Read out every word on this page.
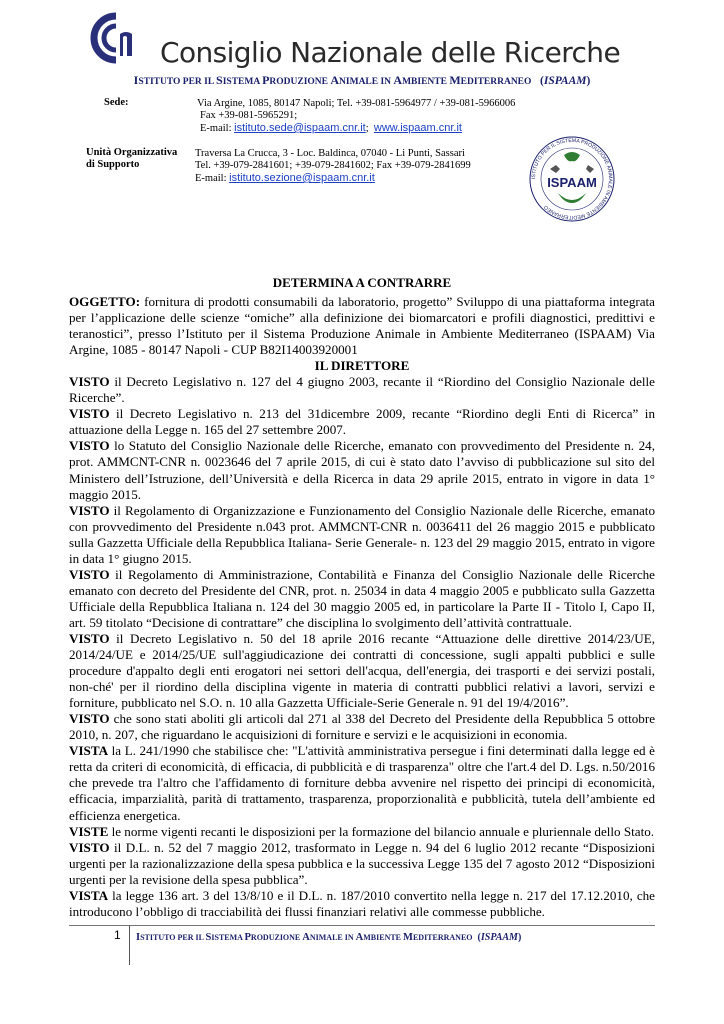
Consiglio Nazionale delle Ricerche
ISTITUTO PER IL SISTEMA PRODUZIONE ANIMALE IN AMBIENTE MEDITERRANEO   (ISPAAM)
Sede:	Via Argine, 1085, 80147 Napoli; Tel. +39-081-5964977 / +39-081-5966006
Fax +39-081-5965291;
E-mail: istituto.sede@ispaam.cnr.it; www.ispaam.cnr.it
Unità Organizzativa
di Supporto
Traversa La Crucca, 3 - Loc. Baldinca, 07040 - Li Punti, Sassari
Tel. +39-079-2841601; +39-079-2841602; Fax +39-079-2841699
E-mail: istituto.sezione@ispaam.cnr.it	ISPAAM
ISTITUTO PER IL SISTEMA PRODUZIONE ANIMALE IN AMBIENTE MEDITERRANEO
DETERMINA A CONTRARRE

OGGETTO: fornitura di prodotti consumabili da laboratorio, progetto” Sviluppo di una piattaforma integrata per l’applicazione delle scienze “omiche” alla definizione dei biomarcatori e profili diagnostici, predittivi e teranostici”, presso l’Istituto per il Sistema Produzione Animale in Ambiente Mediterraneo (ISPAAM) Via Argine, 1085 - 80147 Napoli - CUP B82I14003920001

IL DIRETTORE

VISTO il Decreto Legislativo n. 127 del 4 giugno 2003, recante il “Riordino del Consiglio Nazionale delle Ricerche”.

VISTO il Decreto Legislativo n. 213 del 31dicembre 2009, recante “Riordino degli Enti di Ricerca” in attuazione della Legge n. 165 del 27 settembre 2007.

VISTO lo Statuto del Consiglio Nazionale delle Ricerche, emanato con provvedimento del Presidente n. 24, prot. AMMCNT-CNR n. 0023646 del 7 aprile 2015, di cui è stato dato l’avviso di pubblicazione sul sito del Ministero dell’Istruzione, dell’Università e della Ricerca in data 29 aprile 2015, entrato in vigore in data 1° maggio 2015.

VISTO il Regolamento di Organizzazione e Funzionamento del Consiglio Nazionale delle Ricerche, emanato con provvedimento del Presidente n.043 prot. AMMCNT-CNR n. 0036411 del 26 maggio 2015 e pubblicato sulla Gazzetta Ufficiale della Repubblica Italiana- Serie Generale- n. 123 del 29 maggio 2015, entrato in vigore in data 1° giugno 2015.

VISTO il Regolamento di Amministrazione, Contabilità e Finanza del Consiglio Nazionale delle Ricerche emanato con decreto del Presidente del CNR, prot. n. 25034 in data 4 maggio 2005 e pubblicato sulla Gazzetta Ufficiale della Repubblica Italiana n. 124 del 30 maggio 2005 ed, in particolare la Parte II - Titolo I, Capo II, art. 59 titolato “Decisione di contrattare” che disciplina lo svolgimento dell’attività contrattuale.

VISTO il Decreto Legislativo n. 50 del 18 aprile 2016 recante “Attuazione delle direttive 2014/23/UE, 2014/24/UE e 2014/25/UE sull'aggiudicazione dei contratti di concessione, sugli appalti pubblici e sulle procedure d'appalto degli enti erogatori nei settori dell'acqua, dell'energia, dei trasporti e dei servizi postali, non-ché' per il riordino della disciplina vigente in materia di contratti pubblici relativi a lavori, servizi e forniture, pubblicato nel S.O. n. 10 alla Gazzetta Ufficiale-Serie Generale n. 91 del 19/4/2016”.

VISTO che sono stati aboliti gli articoli dal 271 al 338 del Decreto del Presidente della Repubblica 5 ottobre 2010, n. 207, che riguardano le acquisizioni di forniture e servizi e le acquisizioni in economia.

VISTA la L. 241/1990 che stabilisce che: "L'attività amministrativa persegue i fini determinati dalla legge ed è retta da criteri di economicità, di efficacia, di pubblicità e di trasparenza" oltre che l'art.4 del D. Lgs. n.50/2016 che prevede tra l'altro che l'affidamento di forniture debba avvenire nel rispetto dei principi di economicità, efficacia, imparzialità, parità di trattamento, trasparenza, proporzionalità e pubblicità, tutela dell’ambiente ed efficienza energetica.

VISTE le norme vigenti recanti le disposizioni per la formazione del bilancio annuale e pluriennale dello Stato.

VISTO il D.L. n. 52 del 7 maggio 2012, trasformato in Legge n. 94 del 6 luglio 2012 recante “Disposizioni urgenti per la razionalizzazione della spesa pubblica e la successiva Legge 135 del 7 agosto 2012 “Disposizioni urgenti per la revisione della spesa pubblica”.

VISTA la legge 136 art. 3 del 13/8/10 e il D.L. n. 187/2010 convertito nella legge n. 217 del 17.12.2010, che introducono l’obbligo di tracciabilità dei flussi finanziari relativi alle commesse pubbliche.

1 ISTITUTO PER IL SISTEMA PRODUZIONE ANIMALE IN AMBIENTE MEDITERRANEO  (ISPAAM)
